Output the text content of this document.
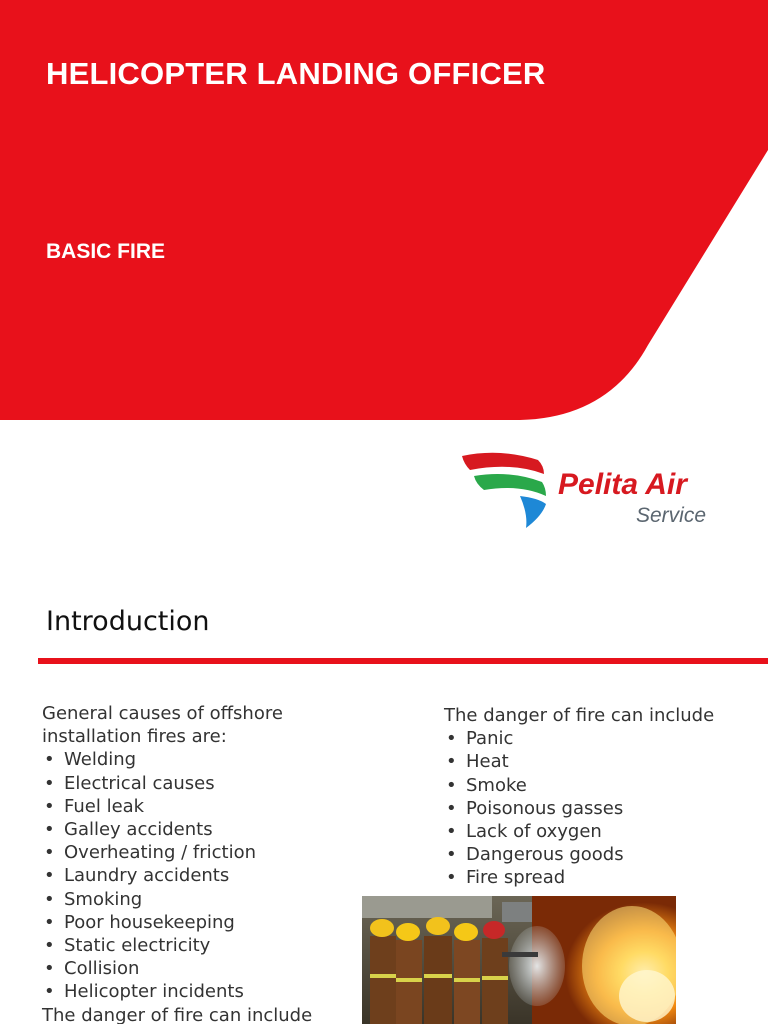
HELICOPTER LANDING OFFICER
BASIC FIRE
Pelita Air
Service
Introduction

General causes of offshore installation fires are:

• Welding
• Electrical causes
• Fuel leak
• Galley accidents
• Overheating / friction
• Laundry accidents
• Smoking
• Poor housekeeping
• Static electricity
• Collision
• Helicopter incidents

The danger of fire can include

The danger of fire can include

• Panic
• Heat
• Smoke
• Poisonous gasses
• Lack of oxygen
• Dangerous goods
• Fire spread
